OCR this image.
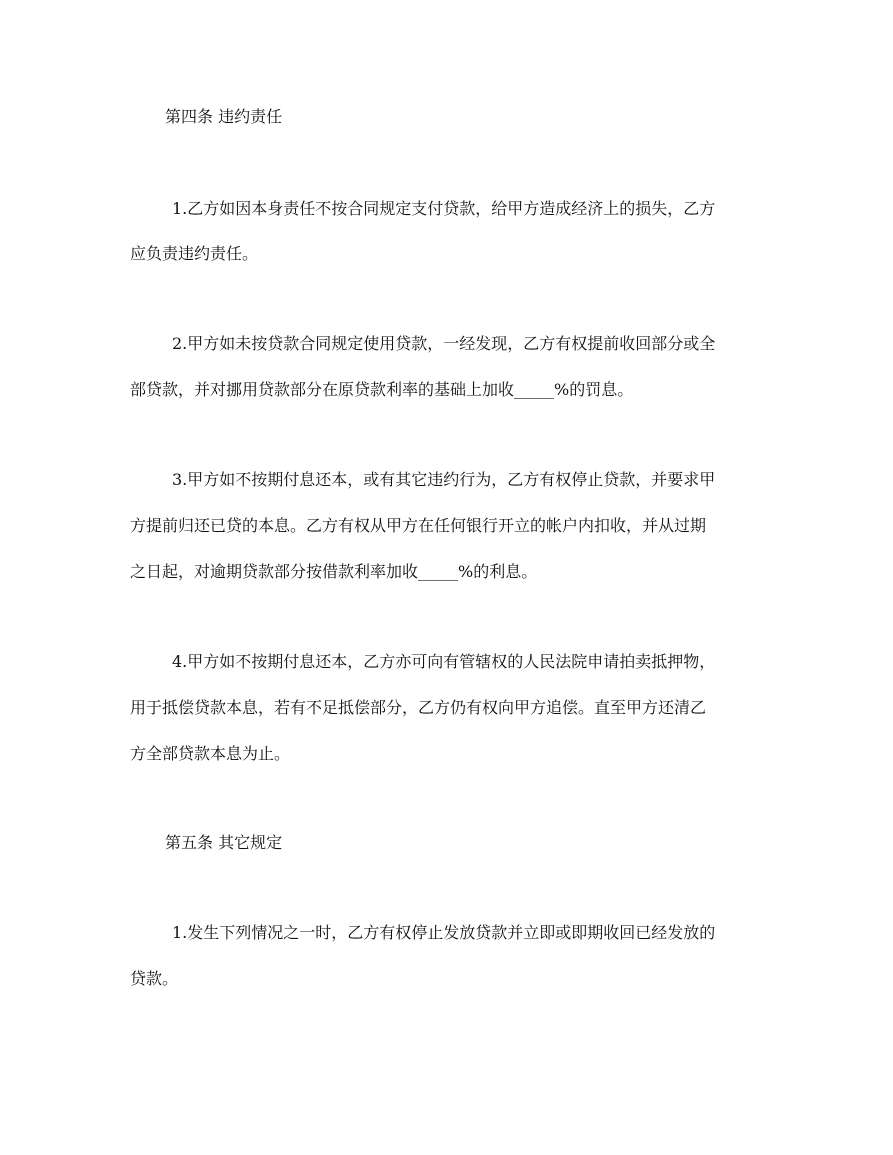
第四条 违约责任
1.乙方如因本身责任不按合同规定支付贷款，给甲方造成经济上的损失，乙方
应负责违约责任。
2.甲方如未按贷款合同规定使用贷款，一经发现，乙方有权提前收回部分或全
部贷款，并对挪用贷款部分在原贷款利率的基础上加收_____%的罚息。
3.甲方如不按期付息还本，或有其它违约行为，乙方有权停止贷款，并要求甲
方提前归还已贷的本息。乙方有权从甲方在任何银行开立的帐户内扣收，并从过期
之日起，对逾期贷款部分按借款利率加收_____%的利息。
4.甲方如不按期付息还本，乙方亦可向有管辖权的人民法院申请拍卖抵押物，
用于抵偿贷款本息，若有不足抵偿部分，乙方仍有权向甲方追偿。直至甲方还清乙
方全部贷款本息为止。
第五条 其它规定
1.发生下列情况之一时，乙方有权停止发放贷款并立即或即期收回已经发放的
贷款。
